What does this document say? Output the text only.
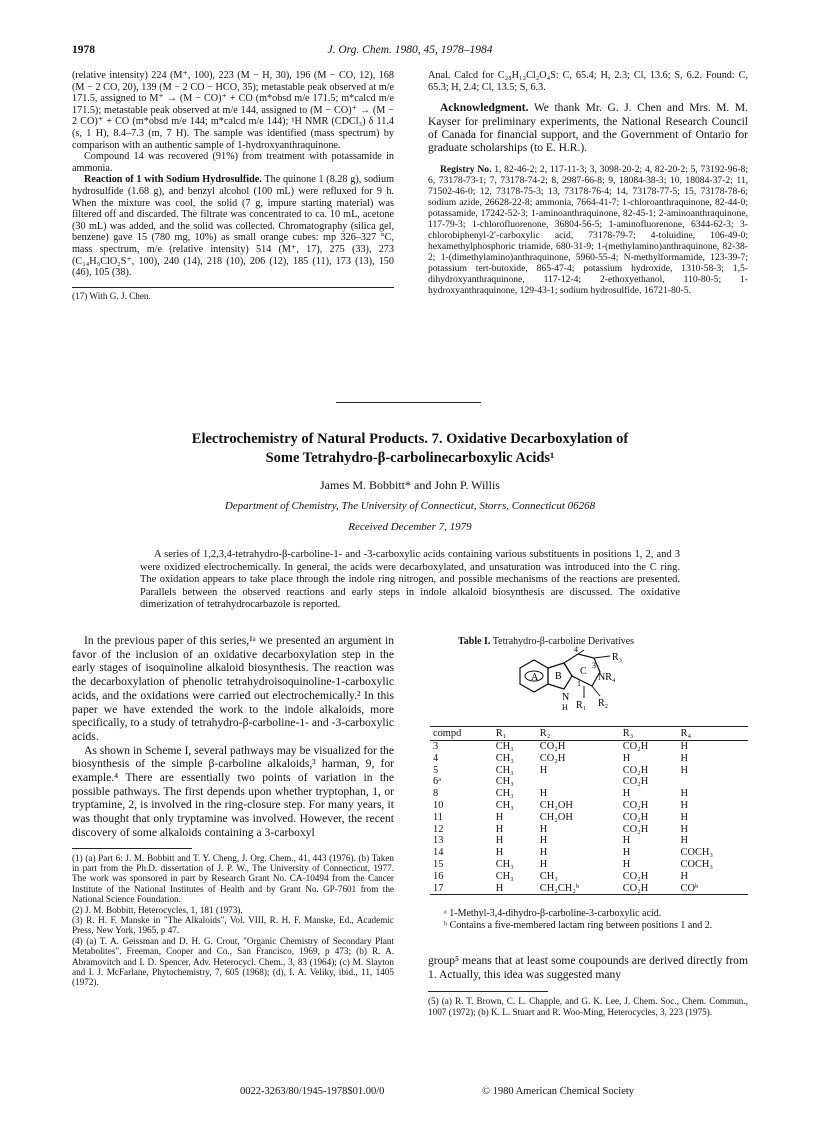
1978	J. Org. Chem. 1980, 45, 1978–1984

(relative intensity) 224 (M⁺, 100), 223 (M − H, 30), 196 (M − CO, 12), 168 (M − 2 CO, 20), 139 (M − 2 CO − HCO, 35); metastable peak observed at m/e 171.5, assigned to M⁺ → (M − CO)⁺ + CO (m*obsd m/e 171.5; m*calcd m/e 171.5); metastable peak observed at m/e 144, assigned to (M − CO)⁺ → (M − 2 CO)⁺ + CO (m*obsd m/e 144; m*calcd m/e 144); ¹H NMR (CDCl₃) δ 11.4 (s, 1 H), 8.4–7.3 (m, 7 H). The sample was identified (mass spectrum) by comparison with an authentic sample of 1-hydroxyanthraquinone.

Compound 14 was recovered (91%) from treatment with potassamide in ammonia.

Reaction of 1 with Sodium Hydrosulfide. The quinone 1 (8.28 g), sodium hydrosulfide (1.68 g), and benzyl alcohol (100 mL) were refluxed for 9 h. When the mixture was cool, the solid (7 g, impure starting material) was filtered off and discarded. The filtrate was concentrated to ca. 10 mL, acetone (30 mL) was added, and the solid was collected. Chromatography (silica gel, benzene) gave 15 (780 mg, 10%) as small orange cubes: mp 326–327 °C, mass spectrum, m/e (relative intensity) 514 (M⁺, 17), 275 (33), 273 (C₁₄H₉ClO₂S⁺, 100), 240 (14), 218 (10), 206 (12), 185 (11), 173 (13), 150 (46), 105 (38).

(17) With G. J. Chen.

Anal. Calcd for C₂₈H₁₂Cl₂O₄S: C, 65.4; H, 2.3; Cl, 13.6; S, 6.2. Found: C, 65.3; H, 2.4; Cl, 13.5; S, 6.3.

Acknowledgment. We thank Mr. G. J. Chen and Mrs. M. M. Kayser for preliminary experiments, the National Research Council of Canada for financial support, and the Government of Ontario for graduate scholarships (to E. H.R.).

Registry No. 1, 82-46-2; 2, 117-11-3; 3, 3098-20-2; 4, 82-20-2; 5, 73192-96-8; 6, 73178-73-1; 7, 73178-74-2; 8, 2987-66-8; 9, 18084-38-3; 10, 18084-37-2; 11, 71502-46-0; 12, 73178-75-3; 13, 73178-76-4; 14, 73178-77-5; 15, 73178-78-6; sodium azide, 26628-22-8; ammonia, 7664-41-7; 1-chloroanthraquinone, 82-44-0; potassamide, 17242-52-3; 1-aminoanthraquinone, 82-45-1; 2-aminoanthraquinone, 117-79-3; 1-chlorofluorenone, 36804-56-5; 1-aminofluorenone, 6344-62-3; 3-chlorobiphenyl-2′-carboxylic acid, 73178-79-7; 4-toluidine, 106-49-0; hexamethylphosphoric triamide, 680-31-9; 1-(methylamino)anthraquinone, 82-38-2; 1-(dimethylamino)anthraquinone, 5960-55-4; N-methylformamide, 123-39-7; potassium tert-butoxide, 865-47-4; potassium hydroxide, 1310-58-3; 1,5-dihydroxyanthraquinone, 117-12-4; 2-ethoxyethanol, 110-80-5; 1-hydroxyanthraquinone, 129-43-1; sodium hydrosulfide, 16721-80-5.

Electrochemistry of Natural Products. 7. Oxidative Decarboxylation of
Some Tetrahydro-β-carbolinecarboxylic Acids¹
James M. Bobbitt* and John P. Willis
Department of Chemistry, The University of Connecticut, Storrs, Connecticut 06268
Received December 7, 1979

A series of 1,2,3,4-tetrahydro-β-carboline-1- and -3-carboxylic acids containing various substituents in positions 1, 2, and 3 were oxidized electrochemically. In general, the acids were decarboxylated, and unsaturation was introduced into the C ring. The oxidation appears to take place through the indole ring nitrogen, and possible mechanisms of the reactions are presented. Parallels between the observed reactions and early steps in indole alkaloid biosynthesis are discussed. The oxidative dimerization of tetrahydrocarbazole is reported.

In the previous paper of this series,¹ᵃ we presented an argument in favor of the inclusion of an oxidative decarboxylation step in the early stages of isoquinoline alkaloid biosynthesis. The reaction was the decarboxylation of phenolic tetrahydroisoquinoline-1-carboxylic acids, and the oxidations were carried out electrochemically.² In this paper we have extended the work to the indole alkaloids, more specifically, to a study of tetrahydro-β-carboline-1- and -3-carboxylic acids.

As shown in Scheme I, several pathways may be visualized for the biosynthesis of the simple β-carboline alkaloids,³ harman, 9, for example.⁴ There are essentially two points of variation in the possible pathways. The first depends upon whether tryptophan, 1, or tryptamine, 2, is involved in the ring-closure step. For many years, it was thought that only tryptamine was involved. However, the recent discovery of some alkaloids containing a 3-carboxyl

(1) (a) Part 6: J. M. Bobbitt and T. Y. Cheng, J. Org. Chem., 41, 443 (1976). (b) Taken in part from the Ph.D. dissertation of J. P. W., The University of Connecticut, 1977. The work was sponsored in part by Research Grant No. CA-10494 from the Cancer Institute of the National Institutes of Health and by Grant No. GP-7601 from the National Science Foundation.

(2) J. M. Bobbitt, Heterocycles, 1, 181 (1973).

(3) R. H. F. Manske in "The Alkaloids", Vol. VIII, R. H. F. Manske, Ed., Academic Press, New York, 1965, p 47.

(4) (a) T. A. Geissman and D. H. G. Crout, "Organic Chemistry of Secondary Plant Metabolites", Freeman, Cooper and Co., San Francisco, 1969, p 473; (b) R. A. Abramovitch and I. D. Spencer, Adv. Heterocycl. Chem., 3, 83 (1964); (c) M. Slayton and I. J. McFarlane, Phytochemistry, 7, 605 (1968); (d), I. A. Veliky, ibid., 11, 1405 (1972).

Table I. Tetrahydro-β-carboline Derivatives
A B C
4
3
1
R₃
NR₄
N
H R₁ R₂
compd	R₁	R₂	R₃	R₄
3	CH₃	CO₂H	CO₂H	H
4	CH₃	CO₂H	H	H
5	CH₃	H	CO₂H	H
6ᵃ	CH₃		CO₂H	
8	CH₃	H	H	H
10	CH₃	CH₂OH	CO₂H	H
11	H	CH₂OH	CO₂H	H
12	H	H	CO₂H	H
13	H	H	H	H
14	H	H	H	COCH₃
15	CH₃	H	H	COCH₃
16	CH₃	CH₃	CO₂H	H
17	H	CH₂CH₂ᵇ	CO₂H	COᵇ

ᵃ 1-Methyl-3,4-dihydro-β-carboline-3-carboxylic acid.

ᵇ Contains a five-membered lactam ring between positions 1 and 2.

group⁵ means that at least some coupounds are derived directly from 1. Actually, this idea was suggested many

(5) (a) R. T. Brown, C. L. Chapple, and G. K. Lee, J. Chem. Soc., Chem. Commun., 1007 (1972); (b) K. L. Stuart and R. Woo-Ming, Heterocycles, 3, 223 (1975).

0022-3263/80/1945-1978$01.00/0	© 1980 American Chemical Society
